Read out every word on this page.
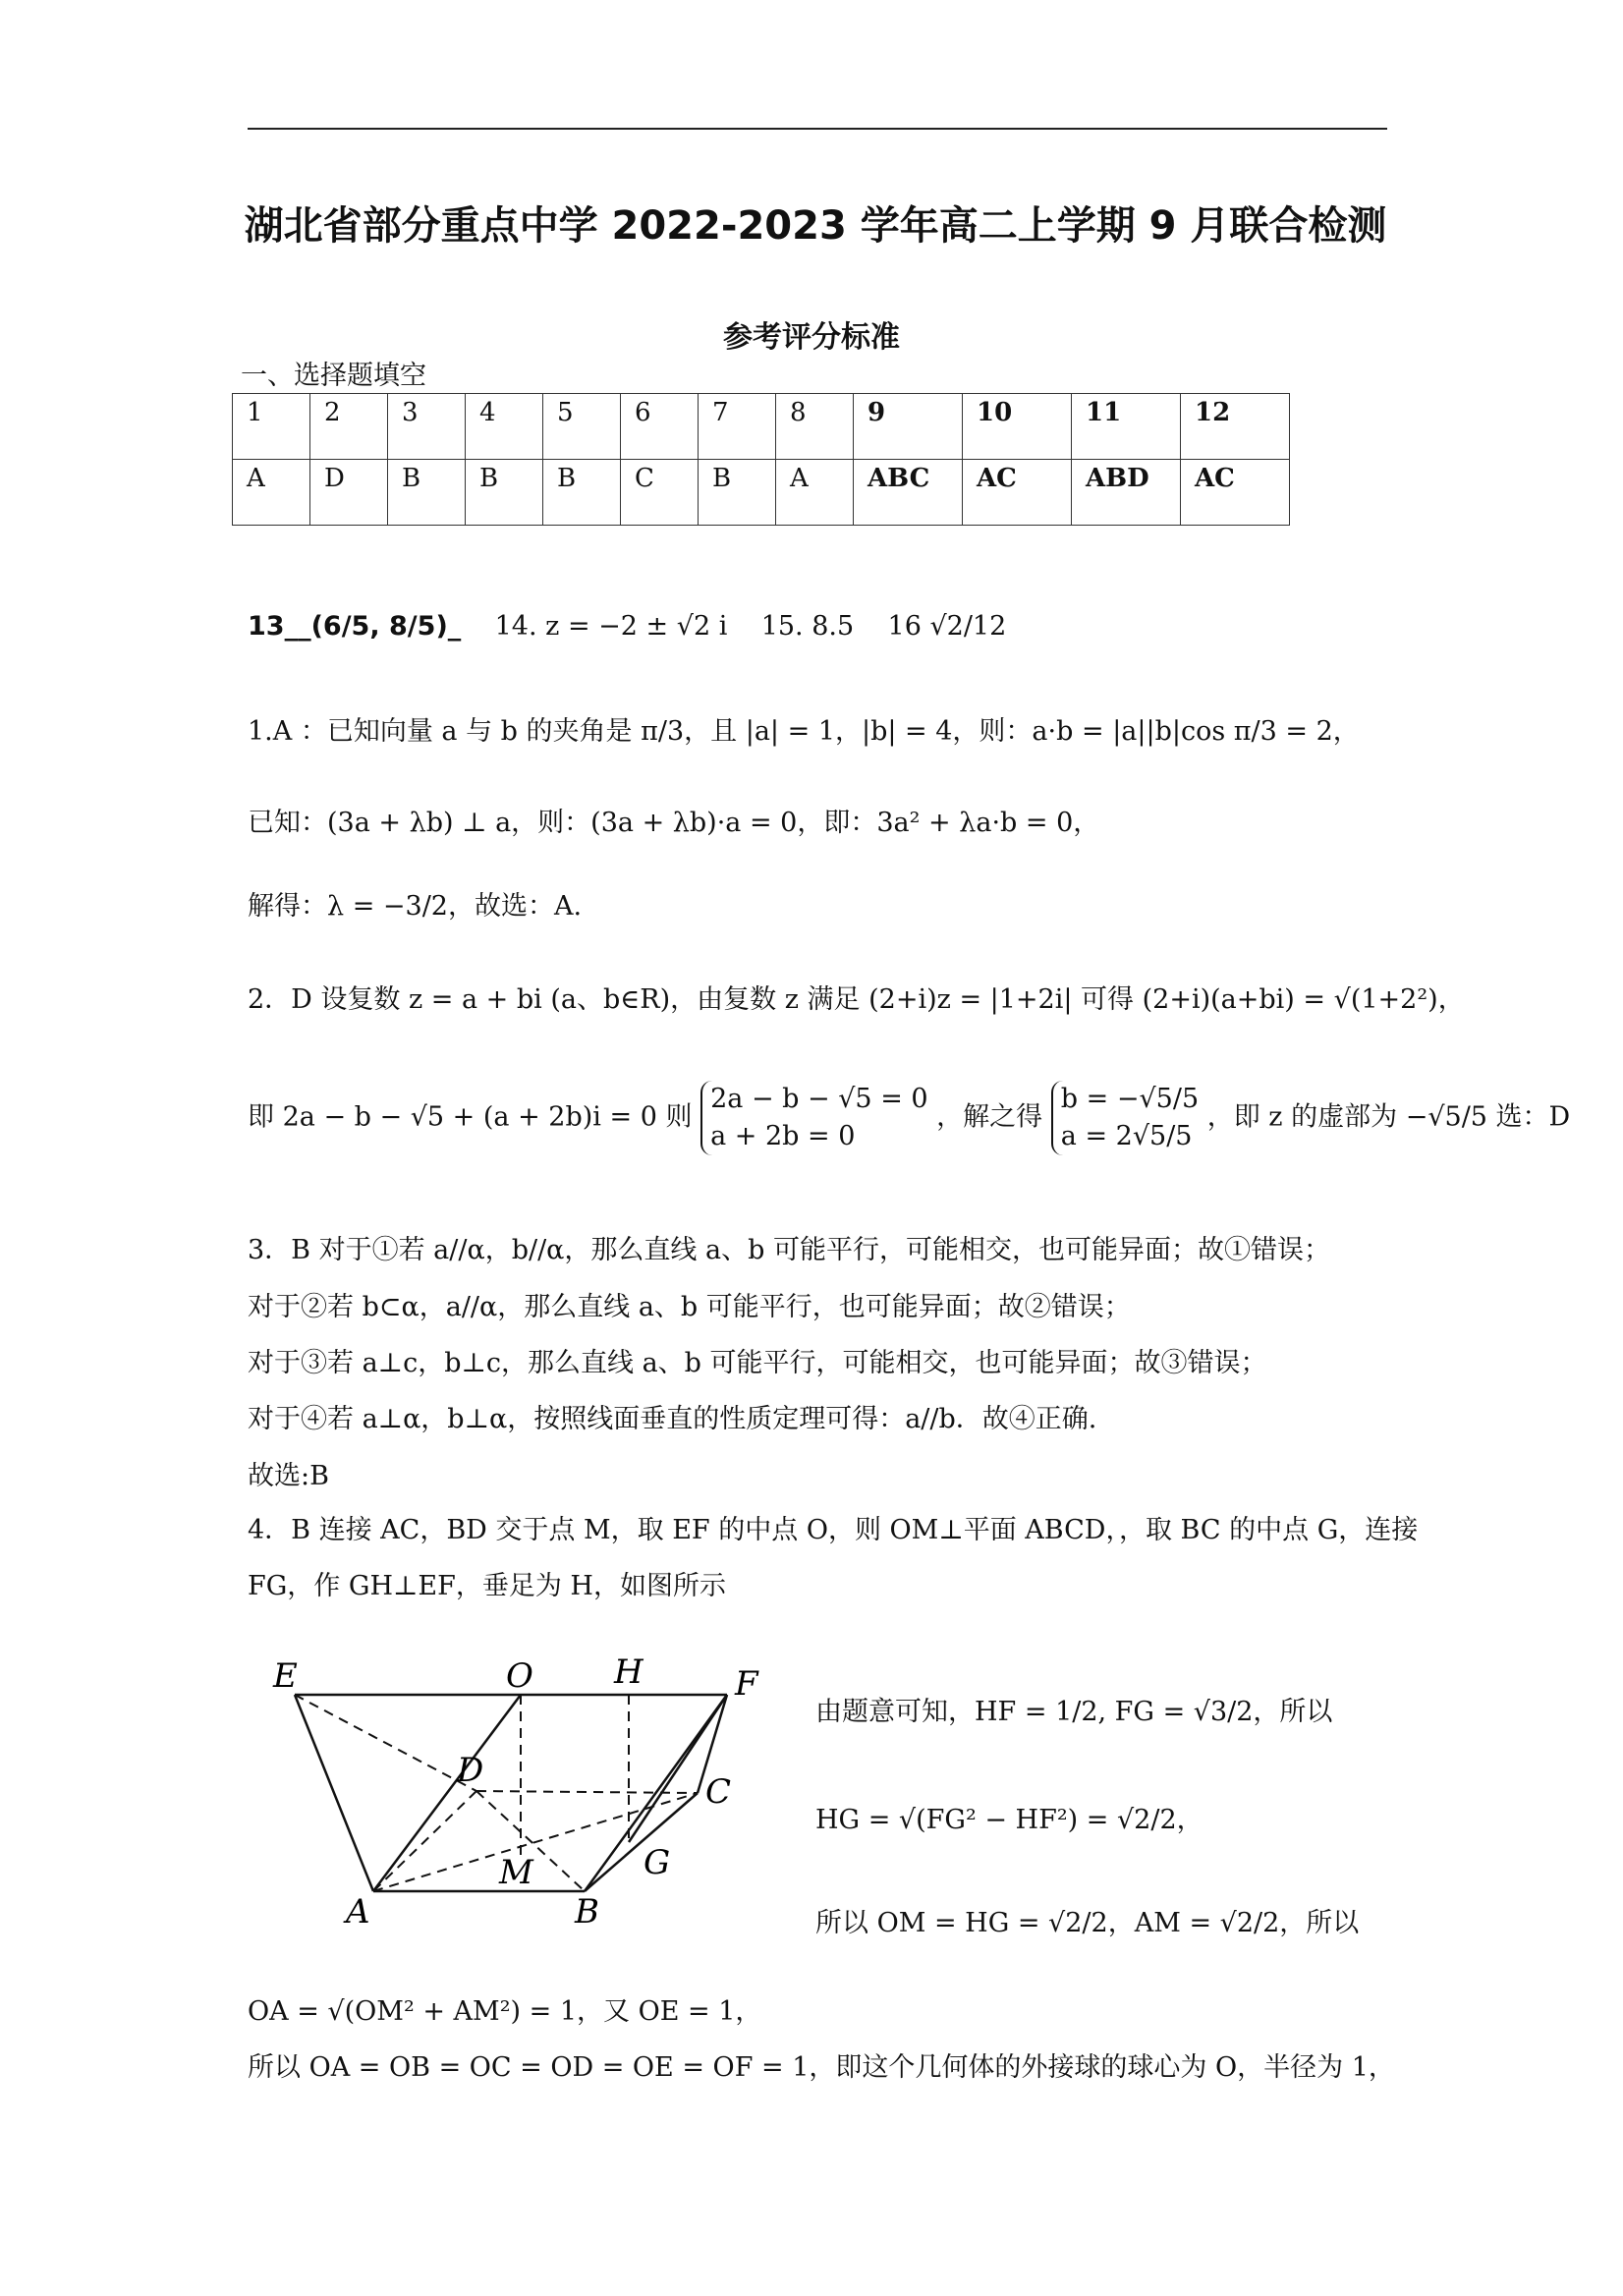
湖北省部分重点中学 2022-2023 学年高二上学期 9 月联合检测
参考评分标准
一、选择题填空
1	2	3	4	5	6	7	8	9	10	11	12
A	D	B	B	B	C	B	A	ABC	AC	ABD	AC
13__(6/5, 8/5)_ 14. z = −2 ± √2 i 15. 8.5 16 √2/12
1.A ：已知向量 a 与 b 的夹角是 π/3，且 |a| = 1，|b| = 4，则：a·b = |a||b|cos π/3 = 2，
已知：(3a + λb) ⊥ a，则：(3a + λb)·a = 0，即：3a² + λa·b = 0，
解得：λ = −3/2，故选：A.
2．D 设复数 z = a + bi (a、b∈R)，由复数 z 满足 (2+i)z = |1+2i| 可得 (2+i)(a+bi) = √(1+2²)，
即 2a − b − √5 + (a + 2b)i = 0 则
2a − b − √5 = 0
a + 2b = 0
，解之得
b = −√5/5
a = 2√5/5
，即 z 的虚部为 −√5/5 选：D
3．B 对于①若 a//α，b//α，那么直线 a、b 可能平行，可能相交，也可能异面；故①错误；
对于②若 b⊂α，a//α，那么直线 a、b 可能平行，也可能异面；故②错误；
对于③若 a⊥c，b⊥c，那么直线 a、b 可能平行，可能相交，也可能异面；故③错误；
对于④若 a⊥α，b⊥α，按照线面垂直的性质定理可得：a//b．故④正确.
故选:B
4．B 连接 AC，BD 交于点 M，取 EF 的中点 O，则 OM⊥平面 ABCD，，取 BC 的中点 G，连接
FG，作 GH⊥EF，垂足为 H，如图所示
E	O H	F
D
C
M	G
A	B
由题意可知，HF = 1/2, FG = √3/2，所以
HG = √(FG² − HF²) = √2/2，
所以 OM = HG = √2/2，AM = √2/2，所以
OA = √(OM² + AM²) = 1，又 OE = 1，
所以 OA = OB = OC = OD = OE = OF = 1，即这个几何体的外接球的球心为 O，半径为 1，
